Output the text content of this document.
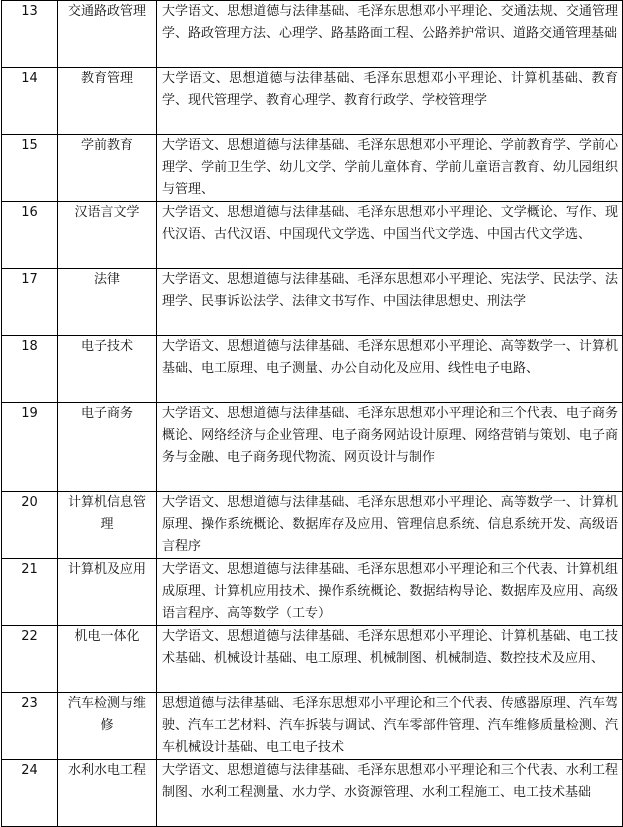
13	交通路政管理	大学语文、思想道德与法律基础、毛泽东思想邓小平理论、交通法规、交通管理学、路政管理方法、心理学、路基路面工程、公路养护常识、道路交通管理基础
14	教育管理	大学语文、思想道德与法律基础、毛泽东思想邓小平理论、计算机基础、教育学、现代管理学、教育心理学、教育行政学、学校管理学
15	学前教育	大学语文、思想道德与法律基础、毛泽东思想邓小平理论、学前教育学、学前心理学、学前卫生学、幼儿文学、学前儿童体育、学前儿童语言教育、幼儿园组织与管理、
16	汉语言文学	大学语文、思想道德与法律基础、毛泽东思想邓小平理论、文学概论、写作、现代汉语、古代汉语、中国现代文学选、中国当代文学选、中国古代文学选、
17	法律	大学语文、思想道德与法律基础、毛泽东思想邓小平理论、宪法学、民法学、法理学、民事诉讼法学、法律文书写作、中国法律思想史、刑法学
18	电子技术	大学语文、思想道德与法律基础、毛泽东思想邓小平理论、高等数学一、计算机基础、电工原理、电子测量、办公自动化及应用、线性电子电路、
19	电子商务	大学语文、思想道德与法律基础、毛泽东思想邓小平理论和三个代表、电子商务概论、网络经济与企业管理、电子商务网站设计原理、网络营销与策划、电子商务与金融、电子商务现代物流、网页设计与制作
20	计算机信息管理	大学语文、思想道德与法律基础、毛泽东思想邓小平理论、高等数学一、计算机原理、操作系统概论、数据库存及应用、管理信息系统、信息系统开发、高级语言程序
21	计算机及应用	大学语文、思想道德与法律基础、毛泽东思想邓小平理论和三个代表、计算机组成原理、计算机应用技术、操作系统概论、数据结构导论、数据库及应用、高级语言程序、高等数学（工专）
22	机电一体化	大学语文、思想道德与法律基础、毛泽东思想邓小平理论、计算机基础、电工技术基础、机械设计基础、电工原理、机械制图、机械制造、数控技术及应用、
23	汽车检测与维修	思想道德与法律基础、毛泽东思想邓小平理论和三个代表、传感器原理、汽车驾驶、汽车工艺材料、汽车拆装与调试、汽车零部件管理、汽车维修质量检测、汽车机械设计基础、电工电子技术
24	水利水电工程	大学语文、思想道德与法律基础、毛泽东思想邓小平理论和三个代表、水利工程制图、水利工程测量、水力学、水资源管理、水利工程施工、电工技术基础
